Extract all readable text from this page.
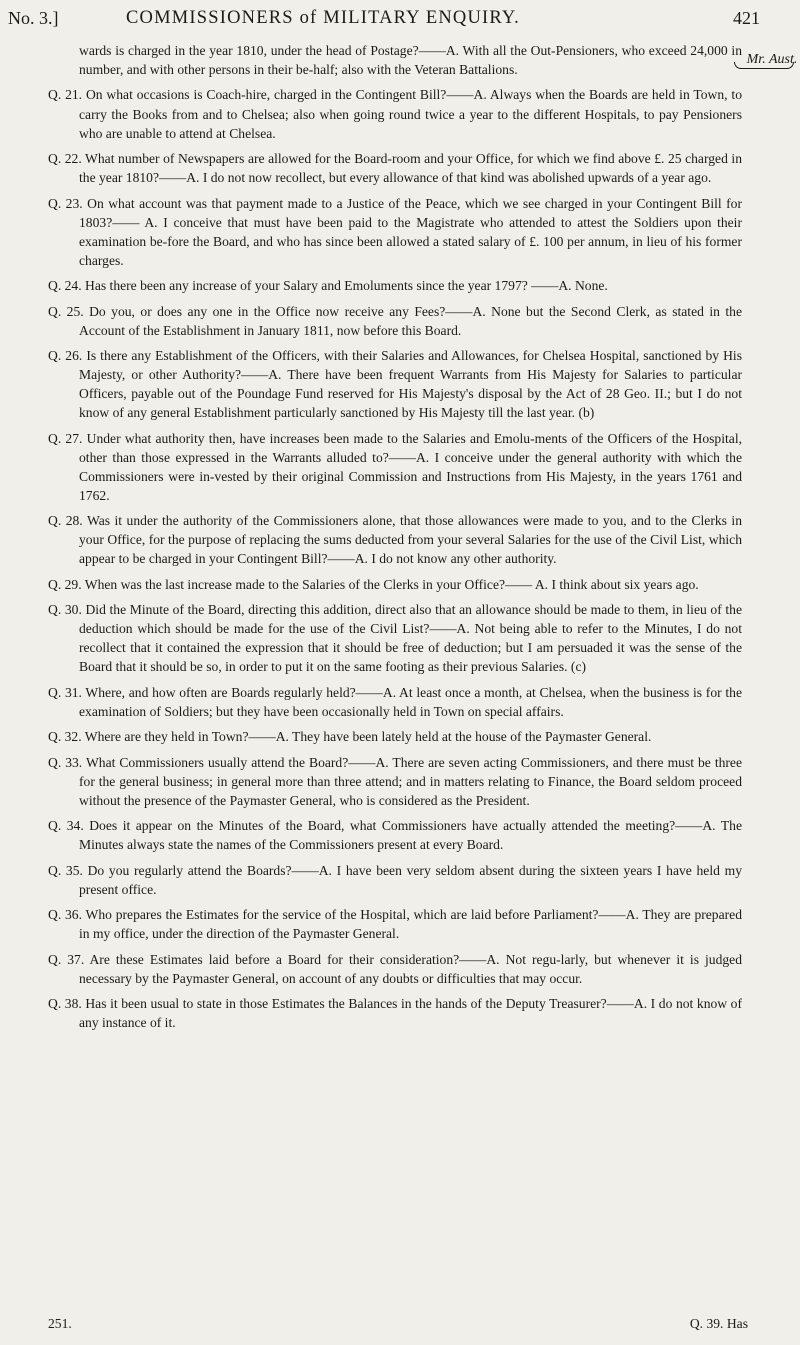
No. 3.]	COMMISSIONERS of MILITARY ENQUIRY.	421
Mr. Aust.

wards is charged in the year 1810, under the head of Postage?——A. With all the Out-Pensioners, who exceed 24,000 in number, and with other persons in their be-half; also with the Veteran Battalions.

Q. 21. On what occasions is Coach-hire, charged in the Contingent Bill?——A. Always when the Boards are held in Town, to carry the Books from and to Chelsea; also when going round twice a year to the different Hospitals, to pay Pensioners who are unable to attend at Chelsea.

Q. 22. What number of Newspapers are allowed for the Board-room and your Office, for which we find above £. 25 charged in the year 1810?——A. I do not now recollect, but every allowance of that kind was abolished upwards of a year ago.

Q. 23. On what account was that payment made to a Justice of the Peace, which we see charged in your Contingent Bill for 1803?—— A. I conceive that must have been paid to the Magistrate who attended to attest the Soldiers upon their examination be-fore the Board, and who has since been allowed a stated salary of £. 100 per annum, in lieu of his former charges.

Q. 24. Has there been any increase of your Salary and Emoluments since the year 1797? ——A. None.

Q. 25. Do you, or does any one in the Office now receive any Fees?——A. None but the Second Clerk, as stated in the Account of the Establishment in January 1811, now before this Board.

Q. 26. Is there any Establishment of the Officers, with their Salaries and Allowances, for Chelsea Hospital, sanctioned by His Majesty, or other Authority?——A. There have been frequent Warrants from His Majesty for Salaries to particular Officers, payable out of the Poundage Fund reserved for His Majesty's disposal by the Act of 28 Geo. II.; but I do not know of any general Establishment particularly sanctioned by His Majesty till the last year. (b)

Q. 27. Under what authority then, have increases been made to the Salaries and Emolu-ments of the Officers of the Hospital, other than those expressed in the Warrants alluded to?——A. I conceive under the general authority with which the Commissioners were in-vested by their original Commission and Instructions from His Majesty, in the years 1761 and 1762.

Q. 28. Was it under the authority of the Commissioners alone, that those allowances were made to you, and to the Clerks in your Office, for the purpose of replacing the sums deducted from your several Salaries for the use of the Civil List, which appear to be charged in your Contingent Bill?——A. I do not know any other authority.

Q. 29. When was the last increase made to the Salaries of the Clerks in your Office?—— A. I think about six years ago.

Q. 30. Did the Minute of the Board, directing this addition, direct also that an allowance should be made to them, in lieu of the deduction which should be made for the use of the Civil List?——A. Not being able to refer to the Minutes, I do not recollect that it contained the expression that it should be free of deduction; but I am persuaded it was the sense of the Board that it should be so, in order to put it on the same footing as their previous Salaries. (c)

Q. 31. Where, and how often are Boards regularly held?——A. At least once a month, at Chelsea, when the business is for the examination of Soldiers; but they have been occasionally held in Town on special affairs.

Q. 32. Where are they held in Town?——A. They have been lately held at the house of the Paymaster General.

Q. 33. What Commissioners usually attend the Board?——A. There are seven acting Commissioners, and there must be three for the general business; in general more than three attend; and in matters relating to Finance, the Board seldom proceed without the presence of the Paymaster General, who is considered as the President.

Q. 34. Does it appear on the Minutes of the Board, what Commissioners have actually attended the meeting?——A. The Minutes always state the names of the Commissioners present at every Board.

Q. 35. Do you regularly attend the Boards?——A. I have been very seldom absent during the sixteen years I have held my present office.

Q. 36. Who prepares the Estimates for the service of the Hospital, which are laid before Parliament?——A. They are prepared in my office, under the direction of the Paymaster General.

Q. 37. Are these Estimates laid before a Board for their consideration?——A. Not regu-larly, but whenever it is judged necessary by the Paymaster General, on account of any doubts or difficulties that may occur.

Q. 38. Has it been usual to state in those Estimates the Balances in the hands of the Deputy Treasurer?——A. I do not know of any instance of it.

251.	Q. 39. Has
